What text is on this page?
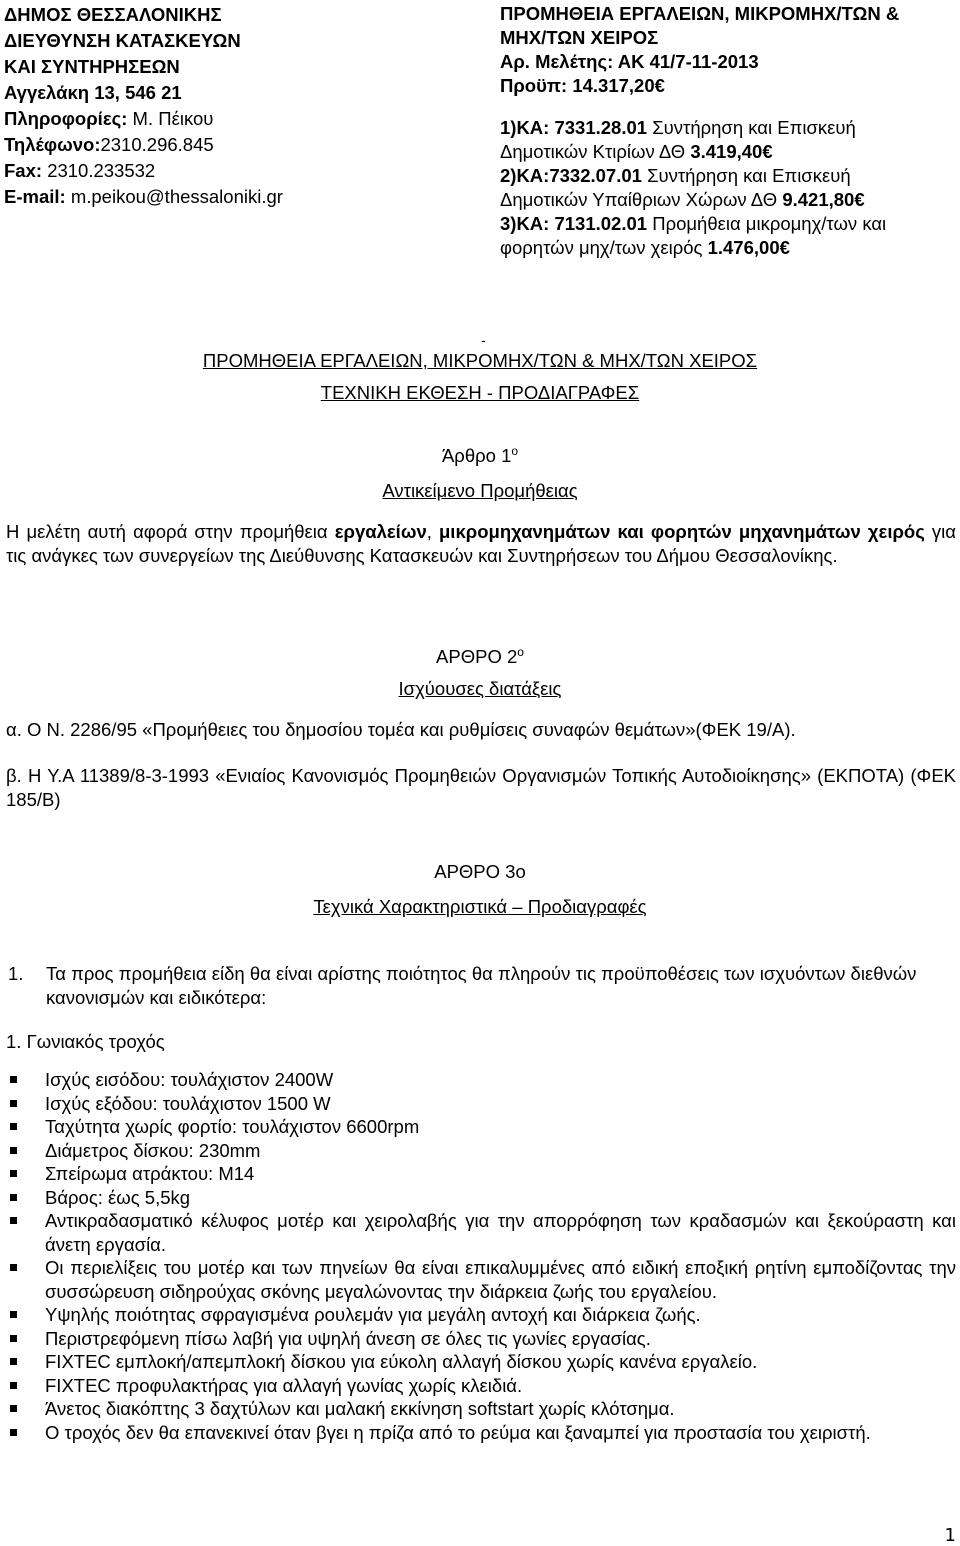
ΔΗΜΟΣ ΘΕΣΣΑΛΟΝΙΚΗΣ
ΔΙΕΥΘΥΝΣΗ ΚΑΤΑΣΚΕΥΩΝ
ΚΑΙ ΣΥΝΤΗΡΗΣΕΩΝ
Αγγελάκη 13, 546 21
Πληροφορίες: Μ. Πέικου
Τηλέφωνο:2310.296.845
Fax: 2310.233532
E-mail: m.peikou@thessaloniki.gr
ΠΡΟΜΗΘΕΙΑ ΕΡΓΑΛΕΙΩΝ, ΜΙΚΡΟΜΗΧ/ΤΩΝ &
ΜΗΧ/ΤΩΝ ΧΕΙΡΟΣ
Αρ. Μελέτης: ΑΚ 41/7-11-2013
Προϋπ: 14.317,20€
1)ΚΑ: 7331.28.01 Συντήρηση και Επισκευή
Δημοτικών Κτιρίων ΔΘ 3.419,40€
2)ΚΑ:7332.07.01 Συντήρηση και Επισκευή
Δημοτικών Υπαίθριων Χώρων ΔΘ 9.421,80€
3)ΚΑ: 7131.02.01 Προμήθεια μικρομηχ/των και
φορητών μηχ/των χειρός 1.476,00€
-
ΠΡΟΜΗΘΕΙΑ ΕΡΓΑΛΕΙΩΝ, ΜΙΚΡΟΜΗΧ/ΤΩΝ & ΜΗΧ/ΤΩΝ ΧΕΙΡΟΣ
ΤΕΧΝΙΚΗ ΕΚΘΕΣΗ - ΠΡΟΔΙΑΓΡΑΦΕΣ
Άρθρο $1^o$
Αντικείμενο Προμήθειας
Η μελέτη αυτή αφορά στην προμήθεια εργαλείων, μικρομηχανημάτων και φορητών μηχανημάτων χειρός για τις ανάγκες των συνεργείων της Διεύθυνσης Κατασκευών και Συντηρήσεων του Δήμου Θεσσαλονίκης.
ΑΡΘΡΟ $2^o$
Ισχύουσες διατάξεις
α. Ο Ν. 2286/95 «Προμήθειες του δημοσίου τομέα και ρυθμίσεις συναφών θεμάτων»(ΦΕΚ 19/Α).
β. Η Υ.Α 11389/8-3-1993 «Ενιαίος Κανονισμός Προμηθειών Οργανισμών Τοπικής Αυτοδιοίκησης» (ΕΚΠΟΤΑ) (ΦΕΚ 185/Β)
ΑΡΘΡΟ 3ο
Τεχνικά Χαρακτηριστικά – Προδιαγραφές
1. Τα προς προμήθεια είδη θα είναι αρίστης ποιότητος θα πληρούν τις προϋποθέσεις των ισχυόντων διεθνών κανονισμών και ειδικότερα:
1. Γωνιακός τροχός
Ισχύς εισόδου: τουλάχιστον 2400W
Ισχύς εξόδου: τουλάχιστον 1500 W
Ταχύτητα χωρίς φορτίο: τουλάχιστον 6600rpm
Διάμετρος δίσκου: 230mm
Σπείρωμα ατράκτου: Μ14
Βάρος: έως 5,5kg
Αντικραδασματικό κέλυφος μοτέρ και χειρολαβής για την απορρόφηση των κραδασμών και ξεκούραστη και άνετη εργασία.
Οι περιελίξεις του μοτέρ και των πηνείων θα είναι επικαλυμμένες από ειδική εποξική ρητίνη εμποδίζοντας την συσσώρευση σιδηρούχας σκόνης μεγαλώνοντας την διάρκεια ζωής του εργαλείου.
Υψηλής ποιότητας σφραγισμένα ρουλεμάν για μεγάλη αντοχή και διάρκεια ζωής.
Περιστρεφόμενη πίσω λαβή για υψηλή άνεση σε όλες τις γωνίες εργασίας.
FIXTEC εμπλοκή/απεμπλοκή δίσκου για εύκολη αλλαγή δίσκου χωρίς κανένα εργαλείο.
FIXTEC προφυλακτήρας για αλλαγή γωνίας χωρίς κλειδιά.
Άνετος διακόπτης 3 δαχτύλων και μαλακή εκκίνηση softstart χωρίς κλότσημα.
Ο τροχός δεν θα επανεκινεί όταν βγει η πρίζα από το ρεύμα και ξαναμπεί για προστασία του χειριστή.
1
